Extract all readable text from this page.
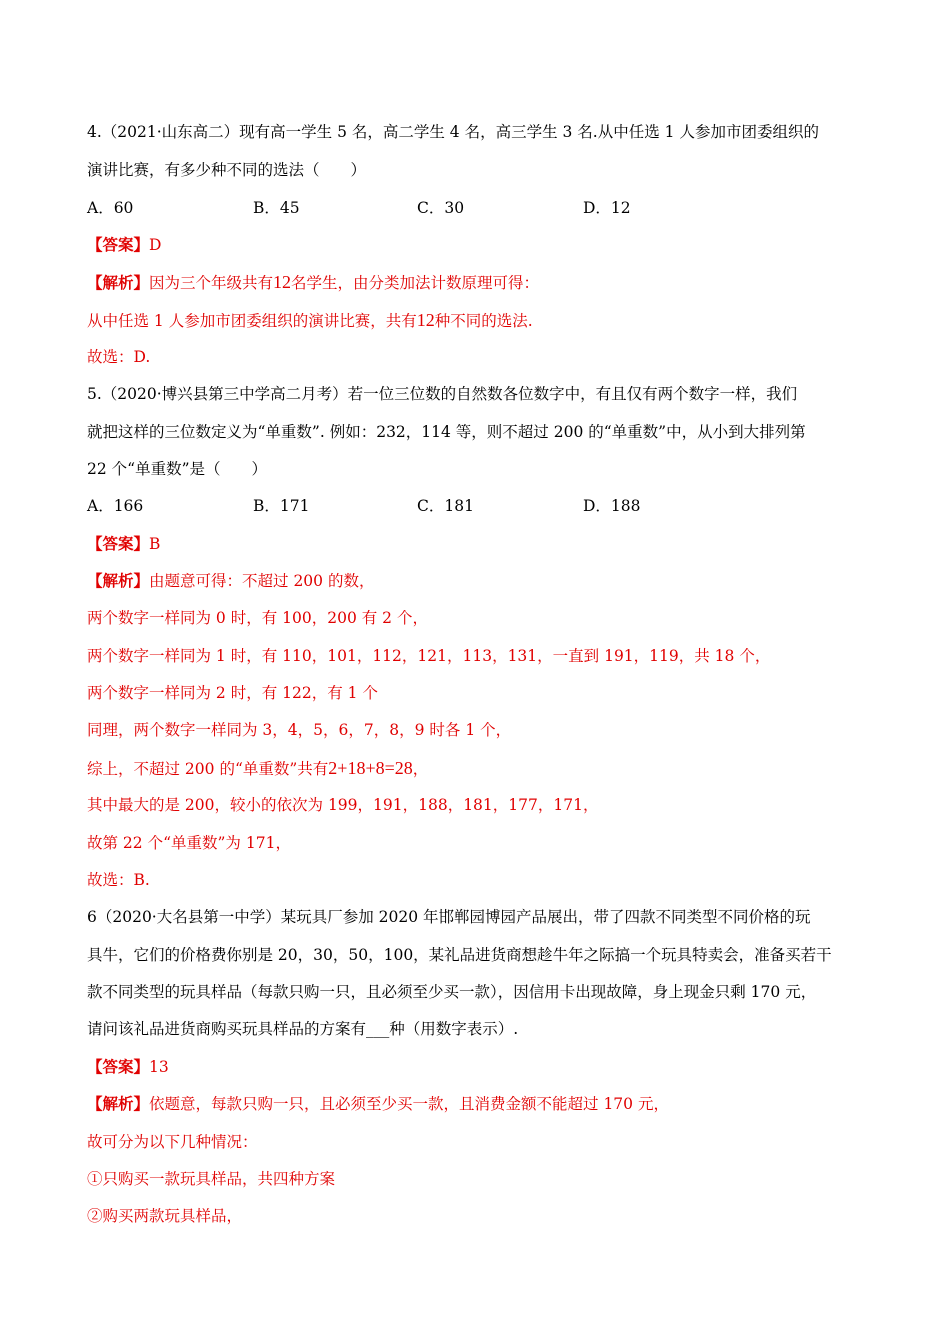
4.（2021·山东高二）现有高一学生 5 名，高二学生 4 名，高三学生 3 名.从中任选 1 人参加市团委组织的
演讲比赛，有多少种不同的选法（　　）
A．60	B．45	C．30	D．12
【答案】D
【解析】因为三个年级共有12名学生，由分类加法计数原理可得：
从中任选 1 人参加市团委组织的演讲比赛，共有12种不同的选法.
故选：D.
5.（2020·博兴县第三中学高二月考）若一位三位数的自然数各位数字中，有且仅有两个数字一样，我们
就把这样的三位数定义为“单重数”. 例如：232，114 等，则不超过 200 的“单重数”中，从小到大排列第
22 个“单重数”是（　　）
A．166	B．171	C．181	D．188
【答案】B
【解析】由题意可得：不超过 200 的数，
两个数字一样同为 0 时，有 100，200 有 2 个，
两个数字一样同为 1 时，有 110，101，112，121，113，131，一直到 191，119，共 18 个，
两个数字一样同为 2 时，有 122，有 1 个
同理，两个数字一样同为 3，4，5，6，7，8，9 时各 1 个，
综上，不超过 200 的“单重数”共有2+18+8=28，
其中最大的是 200，较小的依次为 199，191，188，181，177，171，
故第 22 个“单重数”为 171，
故选：B.
6（2020·大名县第一中学）某玩具厂参加 2020 年邯郸园博园产品展出，带了四款不同类型不同价格的玩
具牛，它们的价格费你别是 20，30，50，100，某礼品进货商想趁牛年之际搞一个玩具特卖会，准备买若干
款不同类型的玩具样品（每款只购一只，且必须至少买一款），因信用卡出现故障，身上现金只剩 170 元，
请问该礼品进货商购买玩具样品的方案有___种（用数字表示）.
【答案】13
【解析】依题意，每款只购一只，且必须至少买一款，且消费金额不能超过 170 元，
故可分为以下几种情况：
①只购买一款玩具样品，共四种方案
②购买两款玩具样品，
